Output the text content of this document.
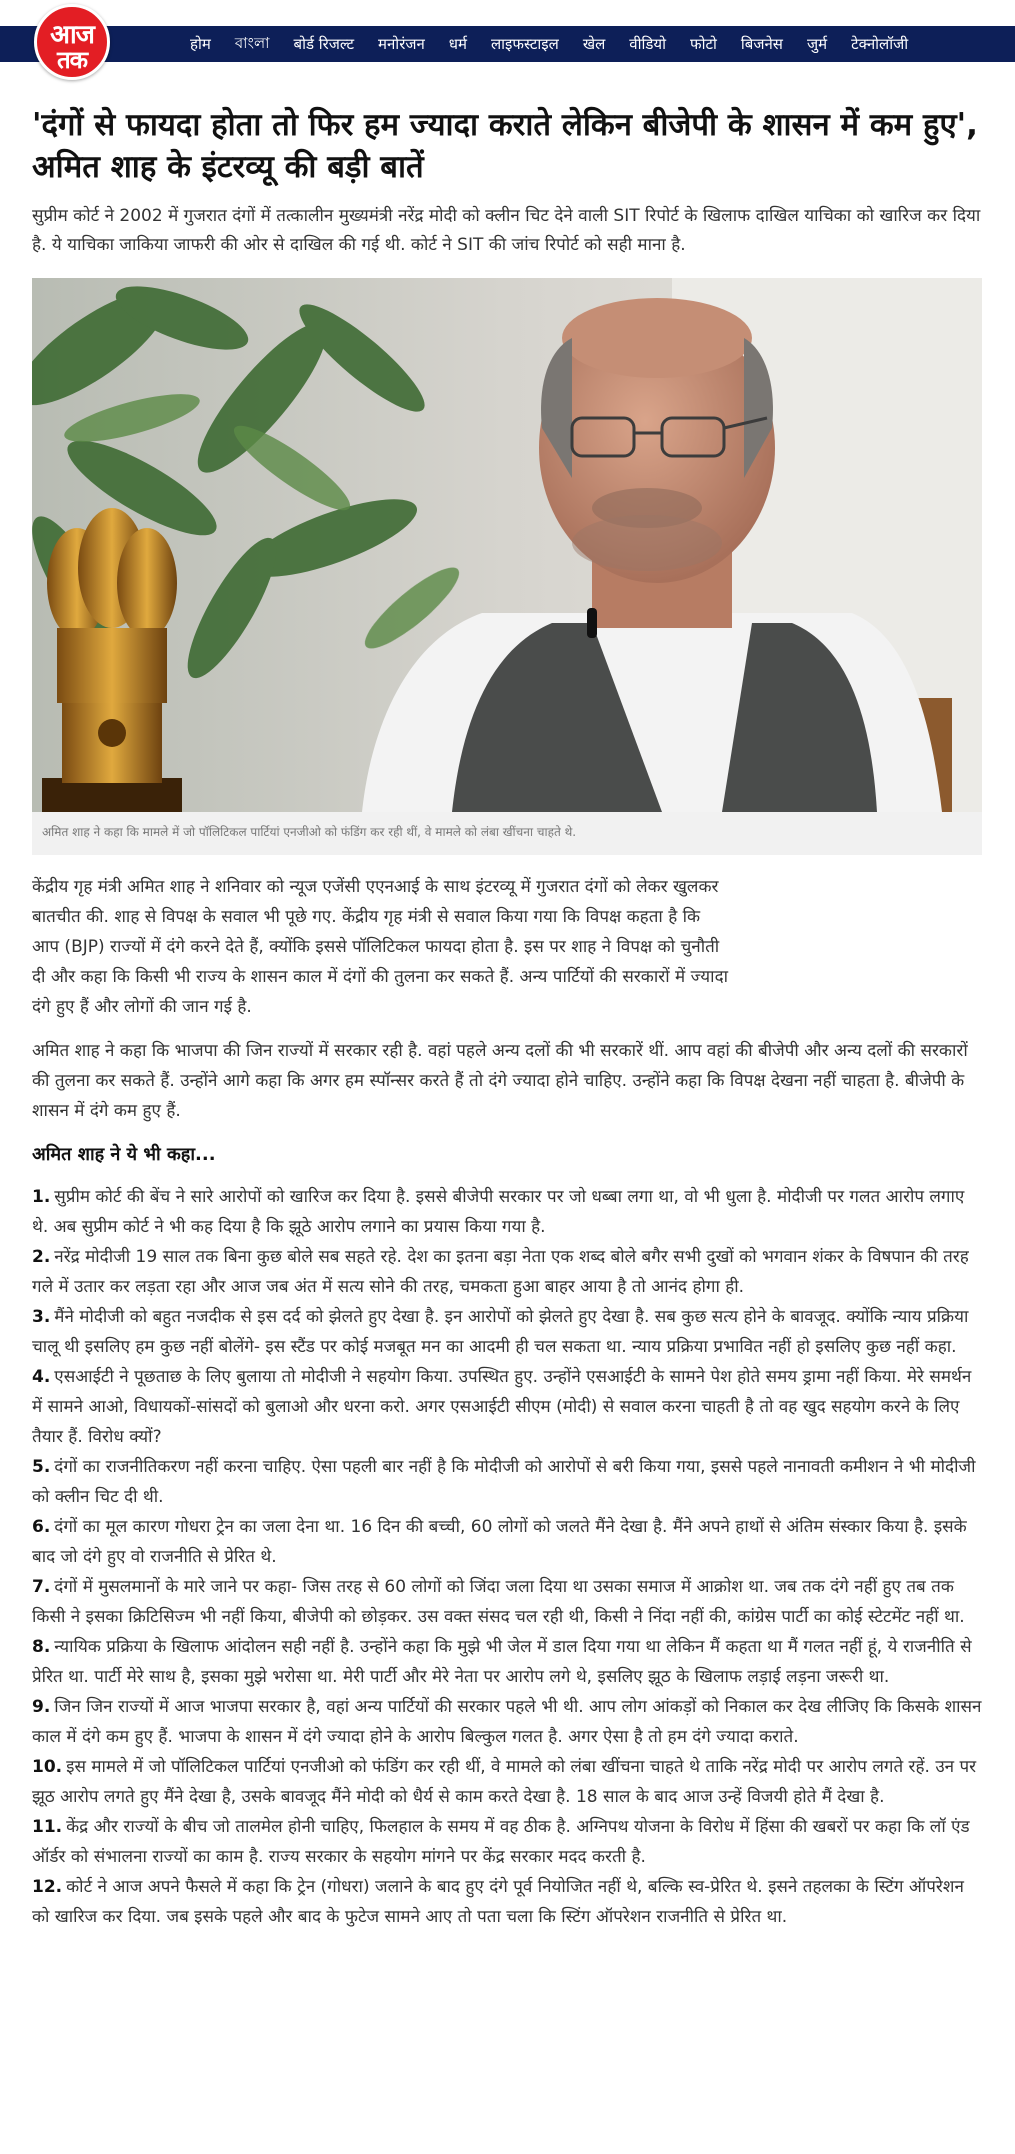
आज
तक
होम বাংলা बोर्ड रिजल्ट मनोरंजन धर्म लाइफस्टाइल खेल वीडियो फोटो बिजनेस जुर्म टेक्नोलॉजी
'दंगों से फायदा होता तो फिर हम ज्यादा कराते लेकिन बीजेपी के शासन में कम हुए', अमित शाह के इंटरव्यू की बड़ी बातें

सुप्रीम कोर्ट ने 2002 में गुजरात दंगों में तत्कालीन मुख्यमंत्री नरेंद्र मोदी को क्लीन चिट देने वाली SIT रिपोर्ट के खिलाफ दाखिल याचिका को खारिज कर दिया है. ये याचिका जाकिया जाफरी की ओर से दाखिल की गई थी. कोर्ट ने SIT की जांच रिपोर्ट को सही माना है.

अमित शाह ने कहा कि मामले में जो पॉलिटिकल पार्टियां एनजीओ को फंडिंग कर रही थीं, वे मामले को लंबा खींचना चाहते थे.

केंद्रीय गृह मंत्री अमित शाह ने शनिवार को न्यूज एजेंसी एएनआई के साथ इंटरव्यू में गुजरात दंगों को लेकर खुलकर बातचीत की. शाह से विपक्ष के सवाल भी पूछे गए. केंद्रीय गृह मंत्री से सवाल किया गया कि विपक्ष कहता है कि आप (BJP) राज्यों में दंगे करने देते हैं, क्योंकि इससे पॉलिटिकल फायदा होता है. इस पर शाह ने विपक्ष को चुनौती दी और कहा कि किसी भी राज्य के शासन काल में दंगों की तुलना कर सकते हैं. अन्य पार्टियों की सरकारों में ज्यादा दंगे हुए हैं और लोगों की जान गई है.

अमित शाह ने कहा कि भाजपा की जिन राज्यों में सरकार रही है. वहां पहले अन्य दलों की भी सरकारें थीं. आप वहां की बीजेपी और अन्य दलों की सरकारों की तुलना कर सकते हैं. उन्होंने आगे कहा कि अगर हम स्पॉन्सर करते हैं तो दंगे ज्यादा होने चाहिए. उन्होंने कहा कि विपक्ष देखना नहीं चाहता है. बीजेपी के शासन में दंगे कम हुए हैं.

अमित शाह ने ये भी कहा...

1. सुप्रीम कोर्ट की बेंच ने सारे आरोपों को खारिज कर दिया है. इससे बीजेपी सरकार पर जो धब्बा लगा था, वो भी धुला है. मोदीजी पर गलत आरोप लगाए थे. अब सुप्रीम कोर्ट ने भी कह दिया है कि झूठे आरोप लगाने का प्रयास किया गया है.

2. नरेंद्र मोदीजी 19 साल तक बिना कुछ बोले सब सहते रहे. देश का इतना बड़ा नेता एक शब्द बोले बगैर सभी दुखों को भगवान शंकर के विषपान की तरह गले में उतार कर लड़ता रहा और आज जब अंत में सत्य सोने की तरह, चमकता हुआ बाहर आया है तो आनंद होगा ही.

3. मैंने मोदीजी को बहुत नजदीक से इस दर्द को झेलते हुए देखा है. इन आरोपों को झेलते हुए देखा है. सब कुछ सत्य होने के बावजूद. क्योंकि न्याय प्रक्रिया चालू थी इसलिए हम कुछ नहीं बोलेंगे- इस स्टैंड पर कोई मजबूत मन का आदमी ही चल सकता था. न्याय प्रक्रिया प्रभावित नहीं हो इसलिए कुछ नहीं कहा.

4. एसआईटी ने पूछताछ के लिए बुलाया तो मोदीजी ने सहयोग किया. उपस्थित हुए. उन्होंने एसआईटी के सामने पेश होते समय ड्रामा नहीं किया. मेरे समर्थन में सामने आओ, विधायकों-सांसदों को बुलाओ और धरना करो. अगर एसआईटी सीएम (मोदी) से सवाल करना चाहती है तो वह खुद सहयोग करने के लिए तैयार हैं. विरोध क्यों?

5. दंगों का राजनीतिकरण नहीं करना चाहिए. ऐसा पहली बार नहीं है कि मोदीजी को आरोपों से बरी किया गया, इससे पहले नानावती कमीशन ने भी मोदीजी को क्लीन चिट दी थी.

6. दंगों का मूल कारण गोधरा ट्रेन का जला देना था. 16 दिन की बच्ची, 60 लोगों को जलते मैंने देखा है. मैंने अपने हाथों से अंतिम संस्कार किया है. इसके बाद जो दंगे हुए वो राजनीति से प्रेरित थे.

7. दंगों में मुसलमानों के मारे जाने पर कहा- जिस तरह से 60 लोगों को जिंदा जला दिया था उसका समाज में आक्रोश था. जब तक दंगे नहीं हुए तब तक किसी ने इसका क्रिटिसिज्म भी नहीं किया, बीजेपी को छोड़कर. उस वक्त संसद चल रही थी, किसी ने निंदा नहीं की, कांग्रेस पार्टी का कोई स्टेटमेंट नहीं था.

8. न्यायिक प्रक्रिया के खिलाफ आंदोलन सही नहीं है. उन्होंने कहा कि मुझे भी जेल में डाल दिया गया था लेकिन मैं कहता था मैं गलत नहीं हूं, ये राजनीति से प्रेरित था. पार्टी मेरे साथ है, इसका मुझे भरोसा था. मेरी पार्टी और मेरे नेता पर आरोप लगे थे, इसलिए झूठ के खिलाफ लड़ाई लड़ना जरूरी था.

9. जिन जिन राज्यों में आज भाजपा सरकार है, वहां अन्य पार्टियों की सरकार पहले भी थी. आप लोग आंकड़ों को निकाल कर देख लीजिए कि किसके शासन काल में दंगे कम हुए हैं. भाजपा के शासन में दंगे ज्यादा होने के आरोप बिल्कुल गलत है. अगर ऐसा है तो हम दंगे ज्यादा कराते.

10. इस मामले में जो पॉलिटिकल पार्टियां एनजीओ को फंडिंग कर रही थीं, वे मामले को लंबा खींचना चाहते थे ताकि नरेंद्र मोदी पर आरोप लगते रहें. उन पर झूठ आरोप लगते हुए मैंने देखा है, उसके बावजूद मैंने मोदी को धैर्य से काम करते देखा है. 18 साल के बाद आज उन्हें विजयी होते मैं देखा है.

11. केंद्र और राज्यों के बीच जो तालमेल होनी चाहिए, फिलहाल के समय में वह ठीक है. अग्निपथ योजना के विरोध में हिंसा की खबरों पर कहा कि लॉ एंड ऑर्डर को संभालना राज्यों का काम है. राज्य सरकार के सहयोग मांगने पर केंद्र सरकार मदद करती है.

12. कोर्ट ने आज अपने फैसले में कहा कि ट्रेन (गोधरा) जलाने के बाद हुए दंगे पूर्व नियोजित नहीं थे, बल्कि स्व-प्रेरित थे. इसने तहलका के स्टिंग ऑपरेशन को खारिज कर दिया. जब इसके पहले और बाद के फुटेज सामने आए तो पता चला कि स्टिंग ऑपरेशन राजनीति से प्रेरित था.
